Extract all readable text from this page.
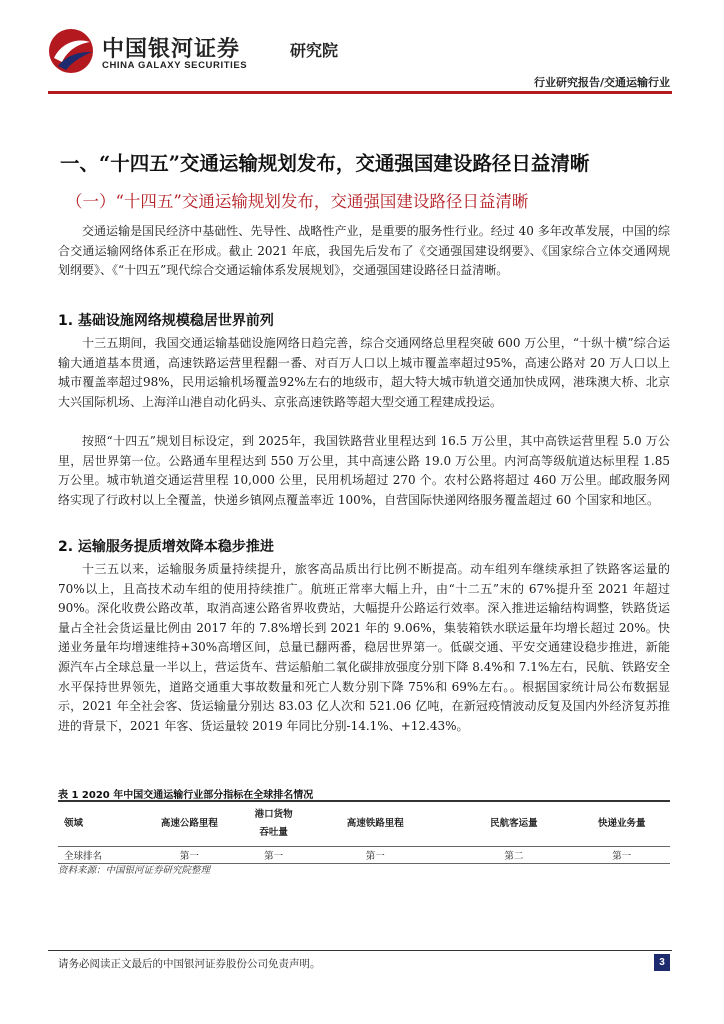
中国银河证券
CHINA GALAXY SECURITIES
研究院
行业研究报告/交通运输行业
一、“十四五”交通运输规划发布，交通强国建设路径日益清晰
（一）“十四五”交通运输规划发布，交通强国建设路径日益清晰

交通运输是国民经济中基础性、先导性、战略性产业，是重要的服务性行业。经过 40 多年改革发展，中国的综合交通运输网络体系正在形成。截止 2021 年底，我国先后发布了《交通强国建设纲要》、《国家综合立体交通网规划纲要》、《“十四五”现代综合交通运输体系发展规划》，交通强国建设路径日益清晰。

1. 基础设施网络规模稳居世界前列

十三五期间，我国交通运输基础设施网络日趋完善，综合交通网络总里程突破 600 万公里，“十纵十横”综合运输大通道基本贯通，高速铁路运营里程翻一番、对百万人口以上城市覆盖率超过95%，高速公路对 20 万人口以上城市覆盖率超过98%，民用运输机场覆盖92%左右的地级市，超大特大城市轨道交通加快成网，港珠澳大桥、北京大兴国际机场、上海洋山港自动化码头、京张高速铁路等超大型交通工程建成投运。

按照“十四五”规划目标设定，到 2025年，我国铁路营业里程达到 16.5 万公里，其中高铁运营里程 5.0 万公里，居世界第一位。公路通车里程达到 550 万公里，其中高速公路 19.0 万公里。内河高等级航道达标里程 1.85 万公里。城市轨道交通运营里程 10,000 公里，民用机场超过 270 个。农村公路将超过 460 万公里。邮政服务网络实现了行政村以上全覆盖，快递乡镇网点覆盖率近 100%，自营国际快递网络服务覆盖超过 60 个国家和地区。

2. 运输服务提质增效降本稳步推进

十三五以来，运输服务质量持续提升，旅客高品质出行比例不断提高。动车组列车继续承担了铁路客运量的 70%以上，且高技术动车组的使用持续推广。航班正常率大幅上升，由“十二五”末的 67%提升至 2021 年超过 90%。深化收费公路改革，取消高速公路省界收费站，大幅提升公路运行效率。深入推进运输结构调整，铁路货运量占全社会货运量比例由 2017 年的 7.8%增长到 2021 年的 9.06%，集装箱铁水联运量年均增长超过 20%。快递业务量年均增速维持+30%高增区间，总量已翻两番，稳居世界第一。低碳交通、平安交通建设稳步推进，新能源汽车占全球总量一半以上，营运货车、营运船舶二氧化碳排放强度分别下降 8.4%和 7.1%左右，民航、铁路安全水平保持世界领先，道路交通重大事故数量和死亡人数分别下降 75%和 69%左右。。根据国家统计局公布数据显示，2021 年全社会客、货运输量分别达 83.03 亿人次和 521.06 亿吨，在新冠疫情波动反复及国内外经济复苏推进的背景下，2021 年客、货运量较 2019 年同比分别-14.1%、+12.43%。

表 1 2020 年中国交通运输行业部分指标在全球排名情况
领域	高速公路里程	港口货物吞吐量	高速铁路里程	民航客运量	快递业务量
全球排名	第一	第一	第一	第二	第一
资料来源：中国银河证券研究院整理
请务必阅读正文最后的中国银河证券股份公司免责声明。	3
